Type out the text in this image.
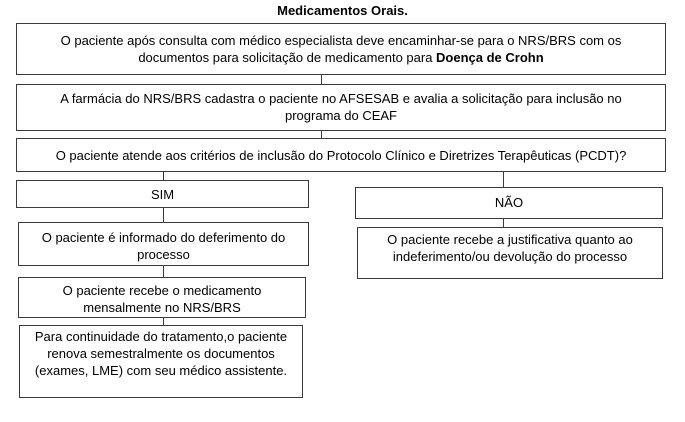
Medicamentos Orais.
O paciente após consulta com médico especialista deve encaminhar-se para o NRS/BRS com os documentos para solicitação de medicamento para Doença de Crohn
A farmácia do NRS/BRS cadastra o paciente no AFSESAB e avalia a solicitação para inclusão no programa do CEAF
O paciente atende aos critérios de inclusão do Protocolo Clínico e Diretrizes Terapêuticas (PCDT)?
SIM
O paciente é informado do deferimento do processo
O paciente recebe o medicamento mensalmente no NRS/BRS
Para continuidade do tratamento,o paciente renova semestralmente os documentos (exames, LME) com seu médico assistente.
NÃO
O paciente recebe a justificativa quanto ao indeferimento/ou devolução do processo
